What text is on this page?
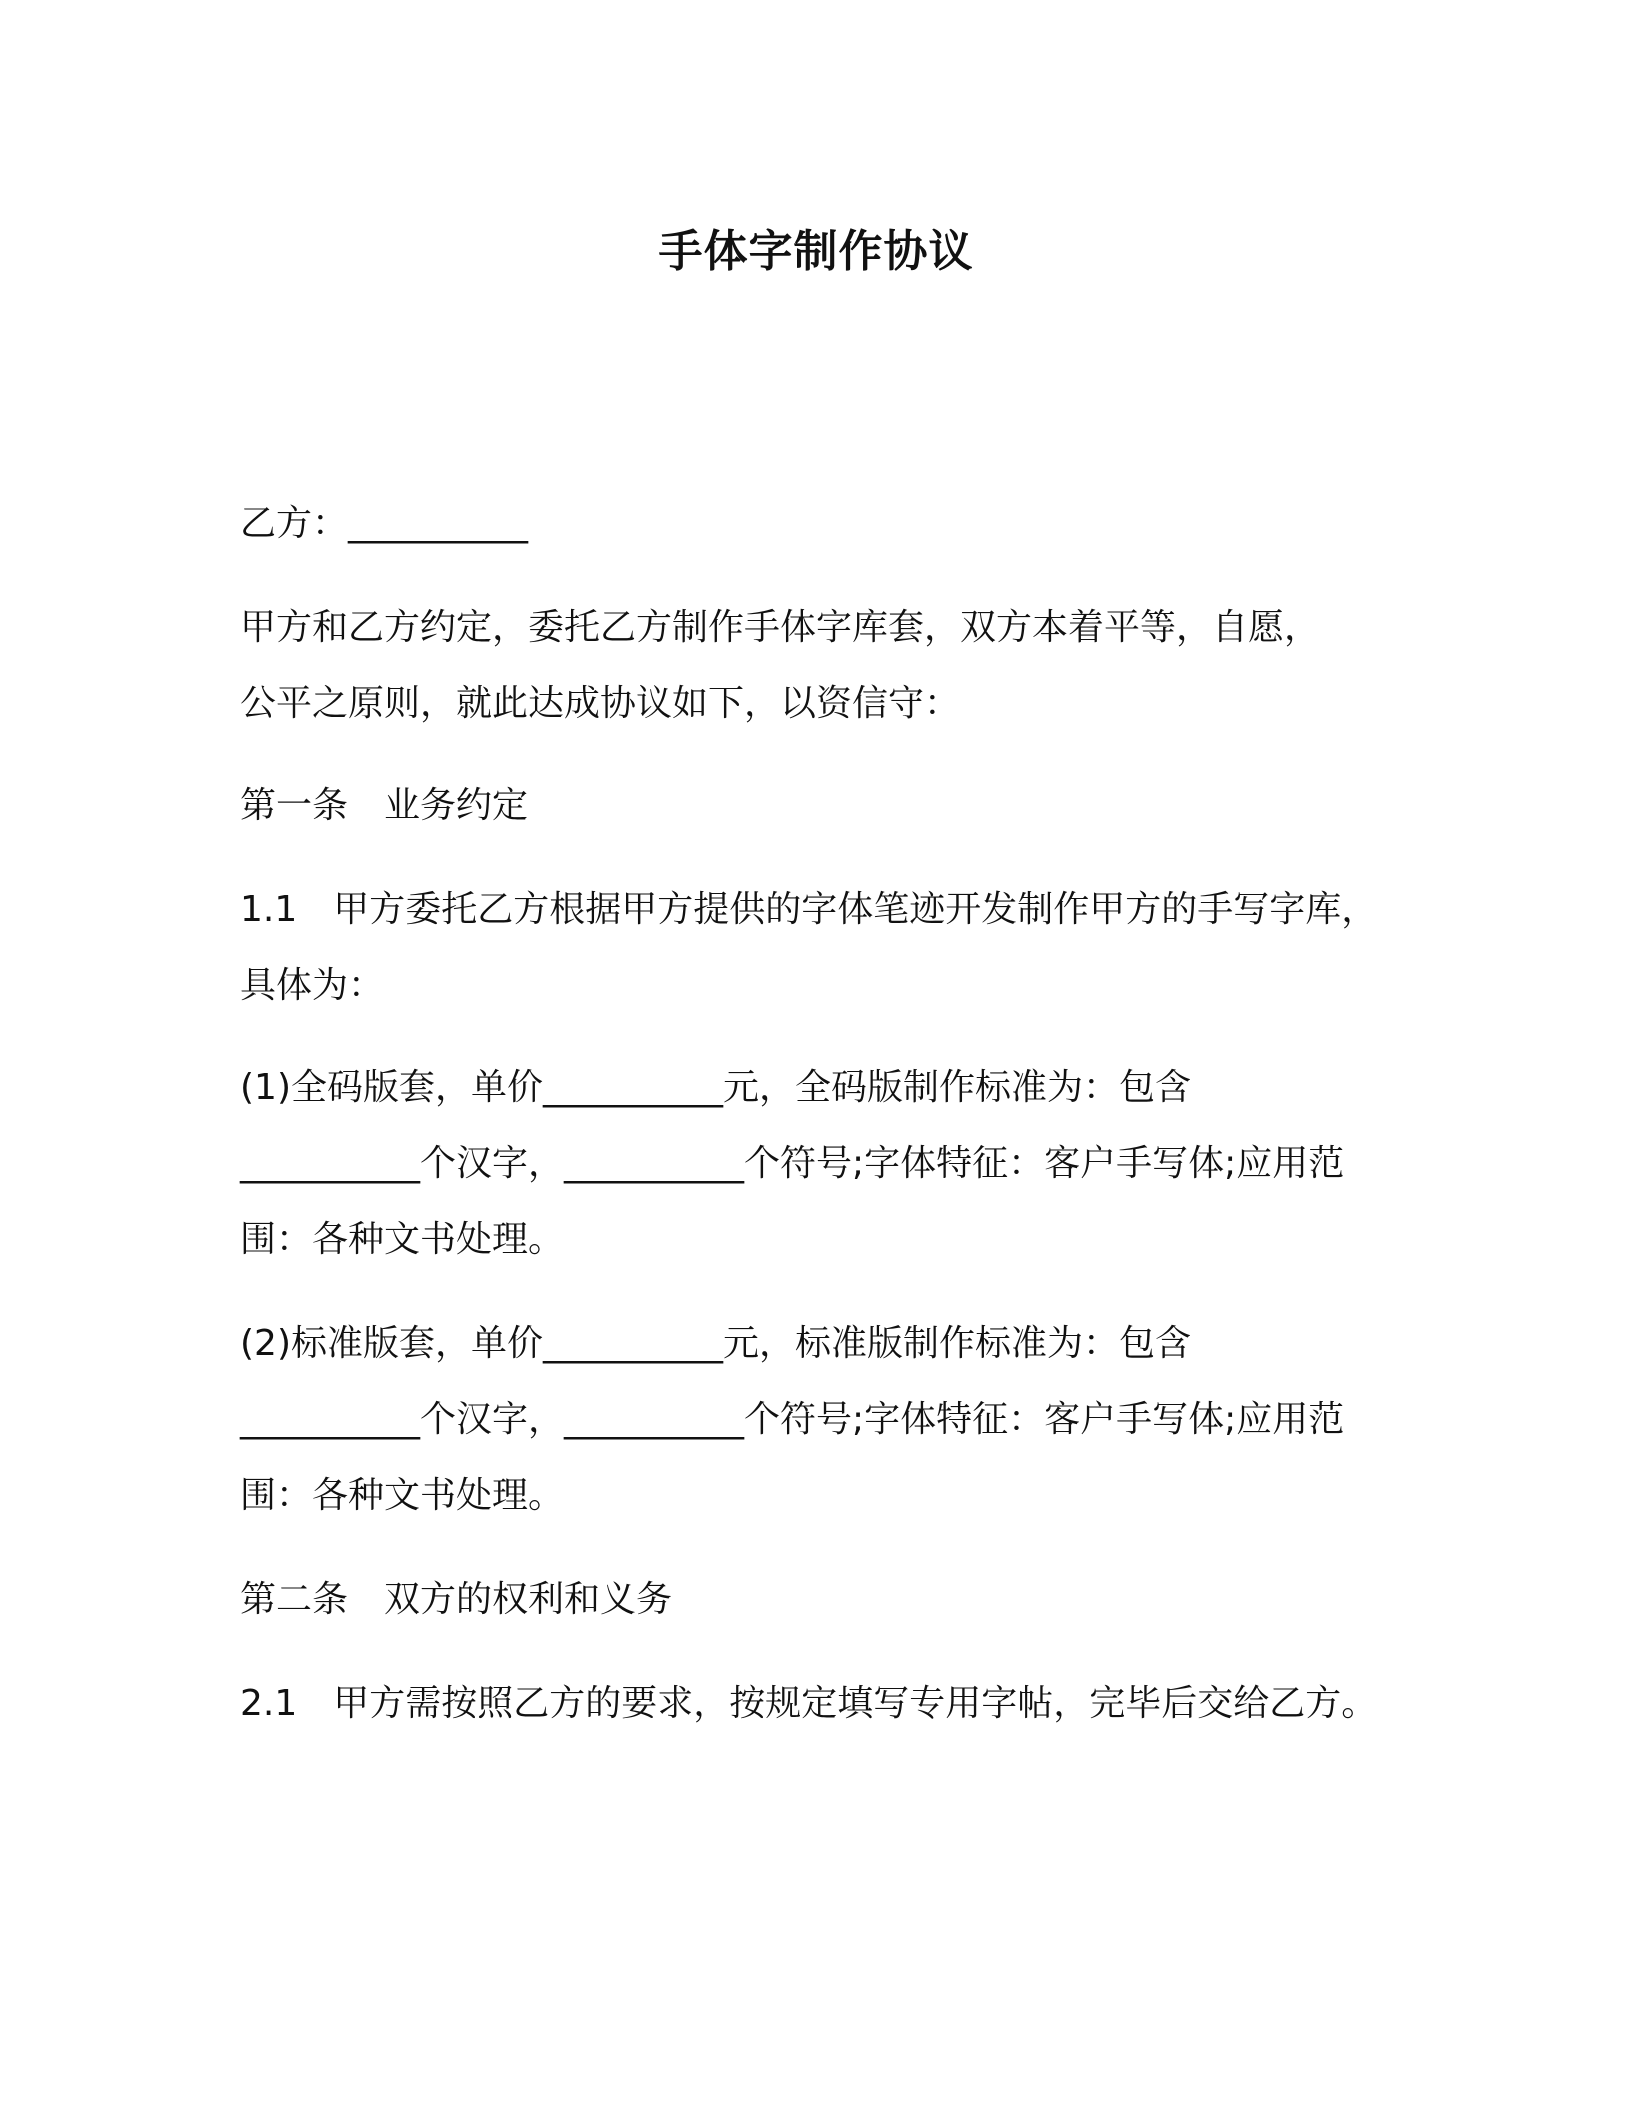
手体字制作协议
乙方：__________
甲方和乙方约定，委托乙方制作手体字库套，双方本着平等，自愿，
公平之原则，就此达成协议如下，以资信守：
第一条　业务约定
1.1　甲方委托乙方根据甲方提供的字体笔迹开发制作甲方的手写字库，
具体为：
(1)全码版套，单价__________元，全码版制作标准为：包含
__________个汉字，__________个符号;字体特征：客户手写体;应用范
围：各种文书处理。
(2)标准版套，单价__________元，标准版制作标准为：包含
__________个汉字，__________个符号;字体特征：客户手写体;应用范
围：各种文书处理。
第二条　双方的权利和义务
2.1　甲方需按照乙方的要求，按规定填写专用字帖，完毕后交给乙方。
